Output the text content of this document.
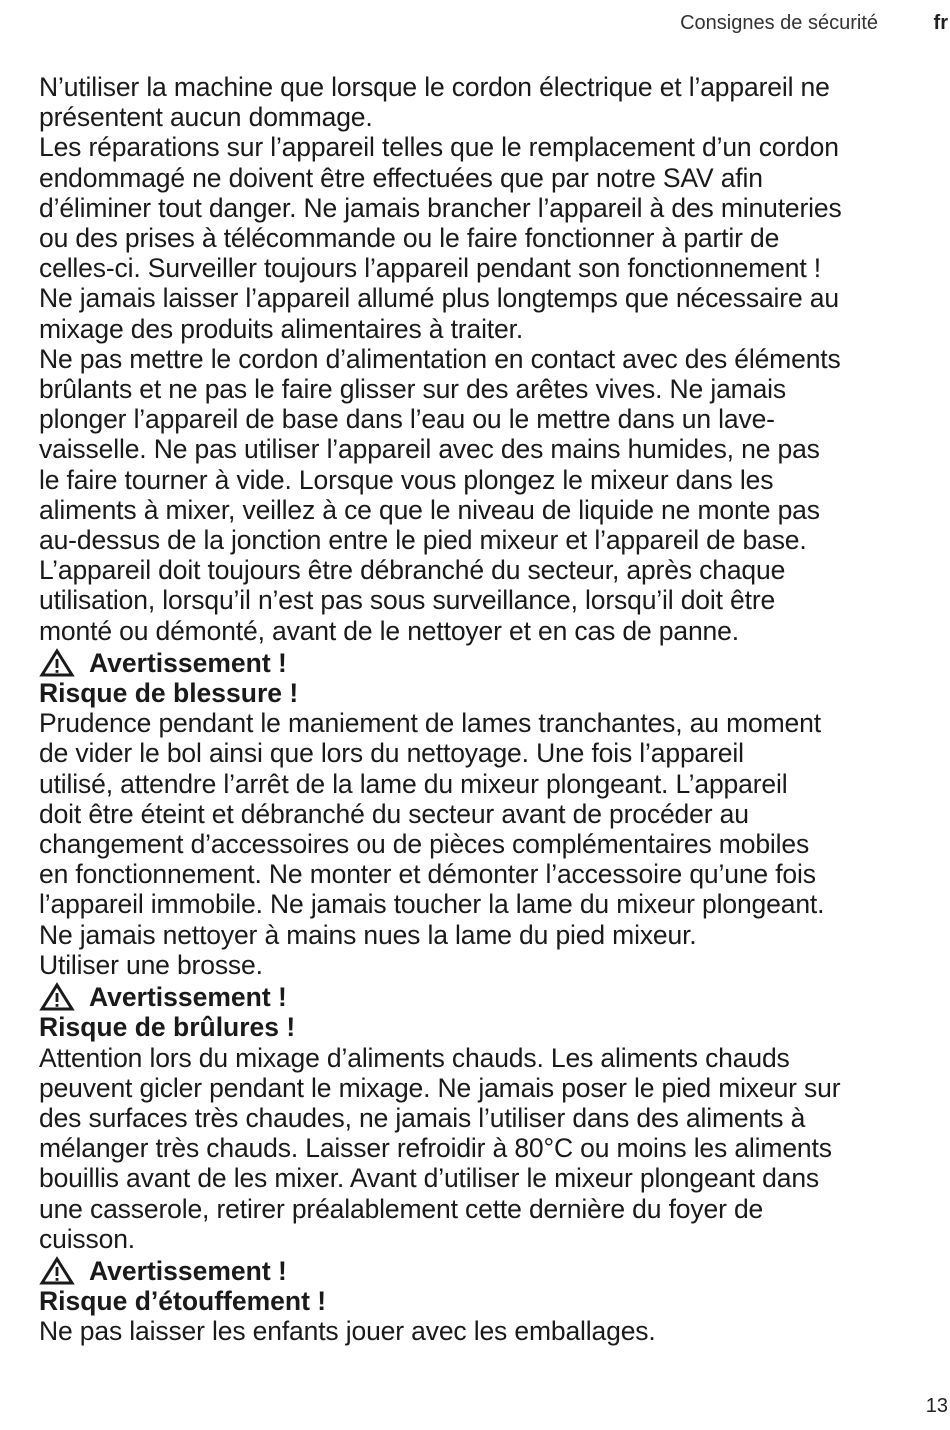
Consignes de sécurité	fr

N’utiliser la machine que lorsque le cordon électrique et l’appareil ne
présentent aucun dommage.
Les réparations sur l’appareil telles que le remplacement d’un cordon
endommagé ne doivent être effectuées que par notre SAV afin
d’éliminer tout danger. Ne jamais brancher l’appareil à des minuteries
ou des prises à télécommande ou le faire fonctionner à partir de
celles-ci. Surveiller toujours l’appareil pendant son fonctionnement !
Ne jamais laisser l’appareil allumé plus longtemps que nécessaire au
mixage des produits alimentaires à traiter.
Ne pas mettre le cordon d’alimentation en contact avec des éléments
brûlants et ne pas le faire glisser sur des arêtes vives. Ne jamais
plonger l’appareil de base dans l’eau ou le mettre dans un lave-
vaisselle. Ne pas utiliser l’appareil avec des mains humides, ne pas
le faire tourner à vide. Lorsque vous plongez le mixeur dans les
aliments à mixer, veillez à ce que le niveau de liquide ne monte pas
au-dessus de la jonction entre le pied mixeur et l’appareil de base.
L’appareil doit toujours être débranché du secteur, après chaque
utilisation, lorsqu’il n’est pas sous surveillance, lorsqu’il doit être
monté ou démonté, avant de le nettoyer et en cas de panne.

Avertissement !
Risque de blessure !

Prudence pendant le maniement de lames tranchantes, au moment
de vider le bol ainsi que lors du nettoyage. Une fois l’appareil
utilisé, attendre l’arrêt de la lame du mixeur plongeant. L’appareil
doit être éteint et débranché du secteur avant de procéder au
changement d’accessoires ou de pièces complémentaires mobiles
en fonctionnement. Ne monter et démonter l’accessoire qu’une fois
l’appareil immobile. Ne jamais toucher la lame du mixeur plongeant.
Ne jamais nettoyer à mains nues la lame du pied mixeur.
Utiliser une brosse.

Avertissement !
Risque de brûlures !

Attention lors du mixage d’aliments chauds. Les aliments chauds
peuvent gicler pendant le mixage. Ne jamais poser le pied mixeur sur
des surfaces très chaudes, ne jamais l’utiliser dans des aliments à
mélanger très chauds. Laisser refroidir à 80°C ou moins les aliments
bouillis avant de les mixer. Avant d’utiliser le mixeur plongeant dans
une casserole, retirer préalablement cette dernière du foyer de
cuisson.

Avertissement !
Risque d’étouffement !

Ne pas laisser les enfants jouer avec les emballages.

13
